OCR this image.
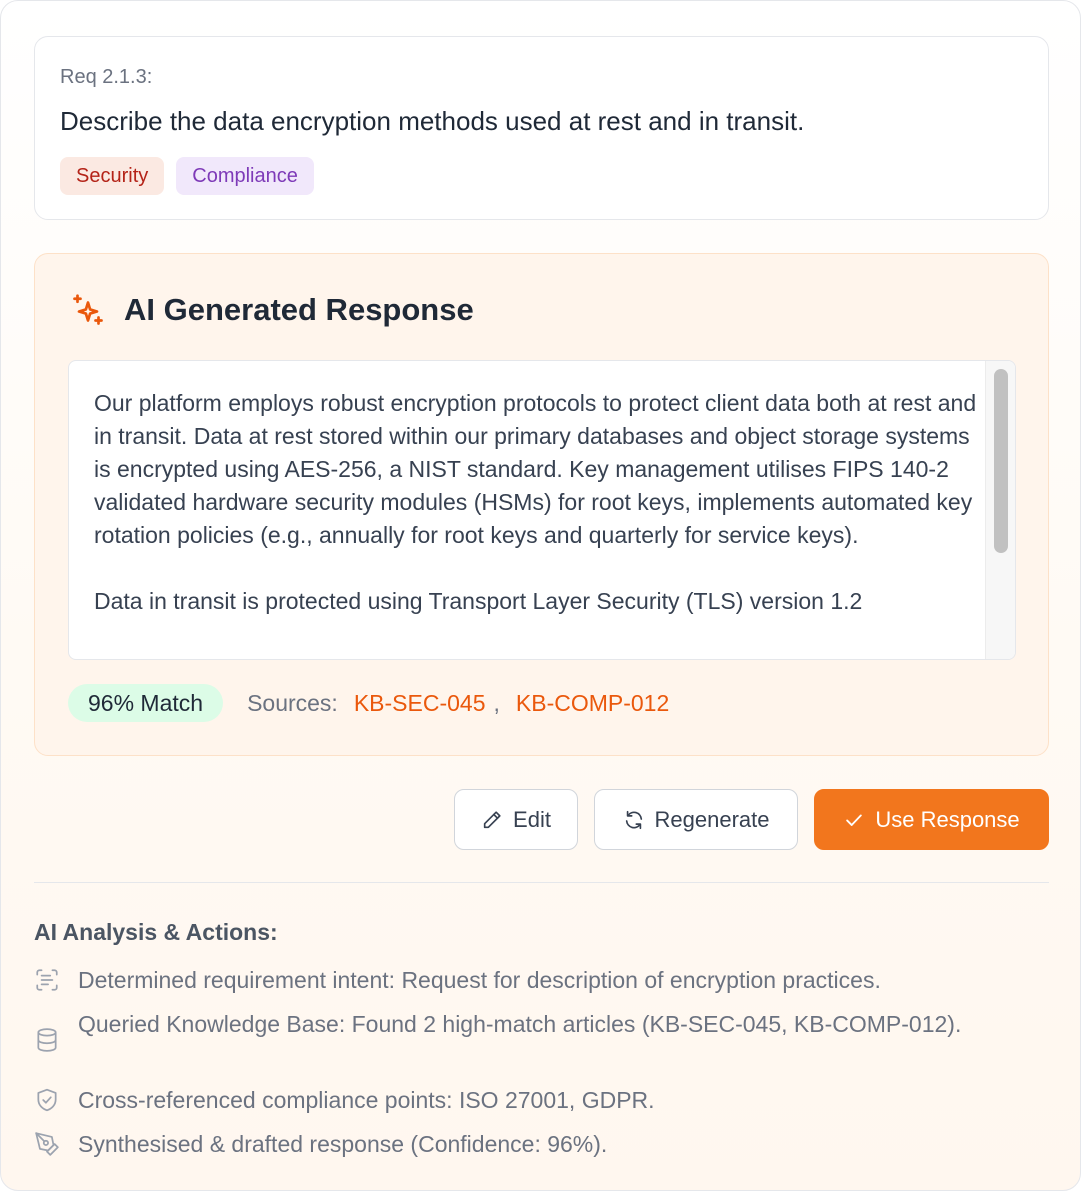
Req 2.1.3:
Describe the data encryption methods used at rest and in transit.
Security	Compliance
AI Generated Response
Our platform employs robust encryption protocols to protect client data both at rest and in transit. Data at rest stored within our primary databases and object storage systems is encrypted using AES-256, a NIST standard. Key management utilises FIPS 140-2 validated hardware security modules (HSMs) for root keys, implements automated key rotation policies (e.g., annually for root keys and quarterly for service keys).

Data in transit is protected using Transport Layer Security (TLS) version 1.2
96% Match	Sources: KB-SEC-045 , KB-COMP-012
Edit	Regenerate	Use Response
AI Analysis & Actions:
Determined requirement intent: Request for description of encryption practices.
Queried Knowledge Base: Found 2 high-match articles (KB-SEC-045, KB-COMP-012).
Cross-referenced compliance points: ISO 27001, GDPR.
Synthesised & drafted response (Confidence: 96%).
